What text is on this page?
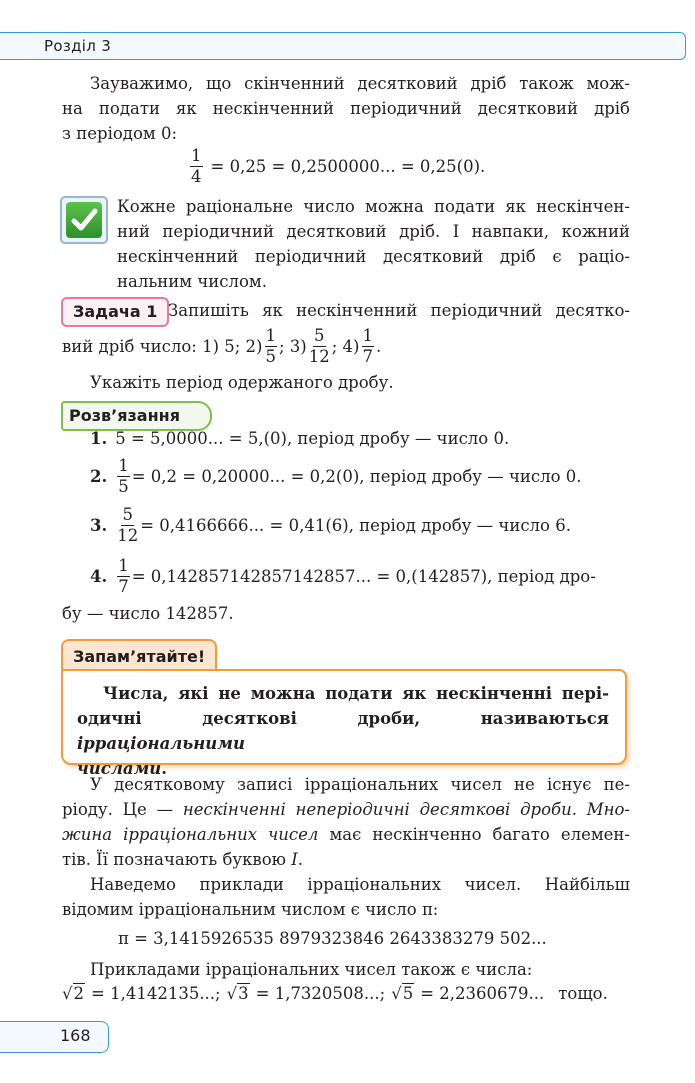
Розділ 3
Зауважимо, що скінченний десятковий дріб також мож-
на подати як нескінченний періодичний десятковий дріб
з періодом 0:
$\frac{1}{4} = 0,25 = 0,2500000$... = 0,25(0).
Кожне раціональне число можна подати як нескінчен-
ний періодичний десятковий дріб. І навпаки, кожний
нескінченний періодичний десятковий дріб є раціо-
нальним числом.
Задача 1 Запишіть як нескінченний періодичний десятко-
вий дріб число: 1) 5; $2) \frac{1}{5}$ ; $3) \frac{5}{12}$ ; $4) \frac{1}{7}$ .
Укажіть період одержаного дробу.
Розв’язання
1. 5 = 5,0000... = 5,(0), період дробу — число 0.
2. $\frac{1}{5} = 0,2 = 0,20000$... = 0,2(0), період дробу — число 0.
3. $\frac{5}{12} = 0,4166666$... = 0,41(6), період дробу — число 6.
4. $\frac{1}{7} = 0,142857142857142857$... = 0,(142857), період дро-
бу — число 142857.
Запам’ятайте!
Числа, які не можна подати як нескінченні пері-
одичні десяткові дроби, називаються ірраціональними
числами.
У десятковому записі ірраціональних чисел не існує пе-
ріоду. Це — нескінченні неперіодичні десяткові дроби. Мно-
жина ірраціональних чисел має нескінченно багато елемен-
тів. Її позначають буквою I.
Наведемо приклади ірраціональних чисел. Найбільш
відомим ірраціональним числом є число π:
π = 3,1415926535 8979323846 2643383279 502...
Прикладами ірраціональних чисел також є числа:
√ 2 = 1,4142135...; √ 3 = 1,7320508...; √ 5 = 2,2360679... тощо.
168
